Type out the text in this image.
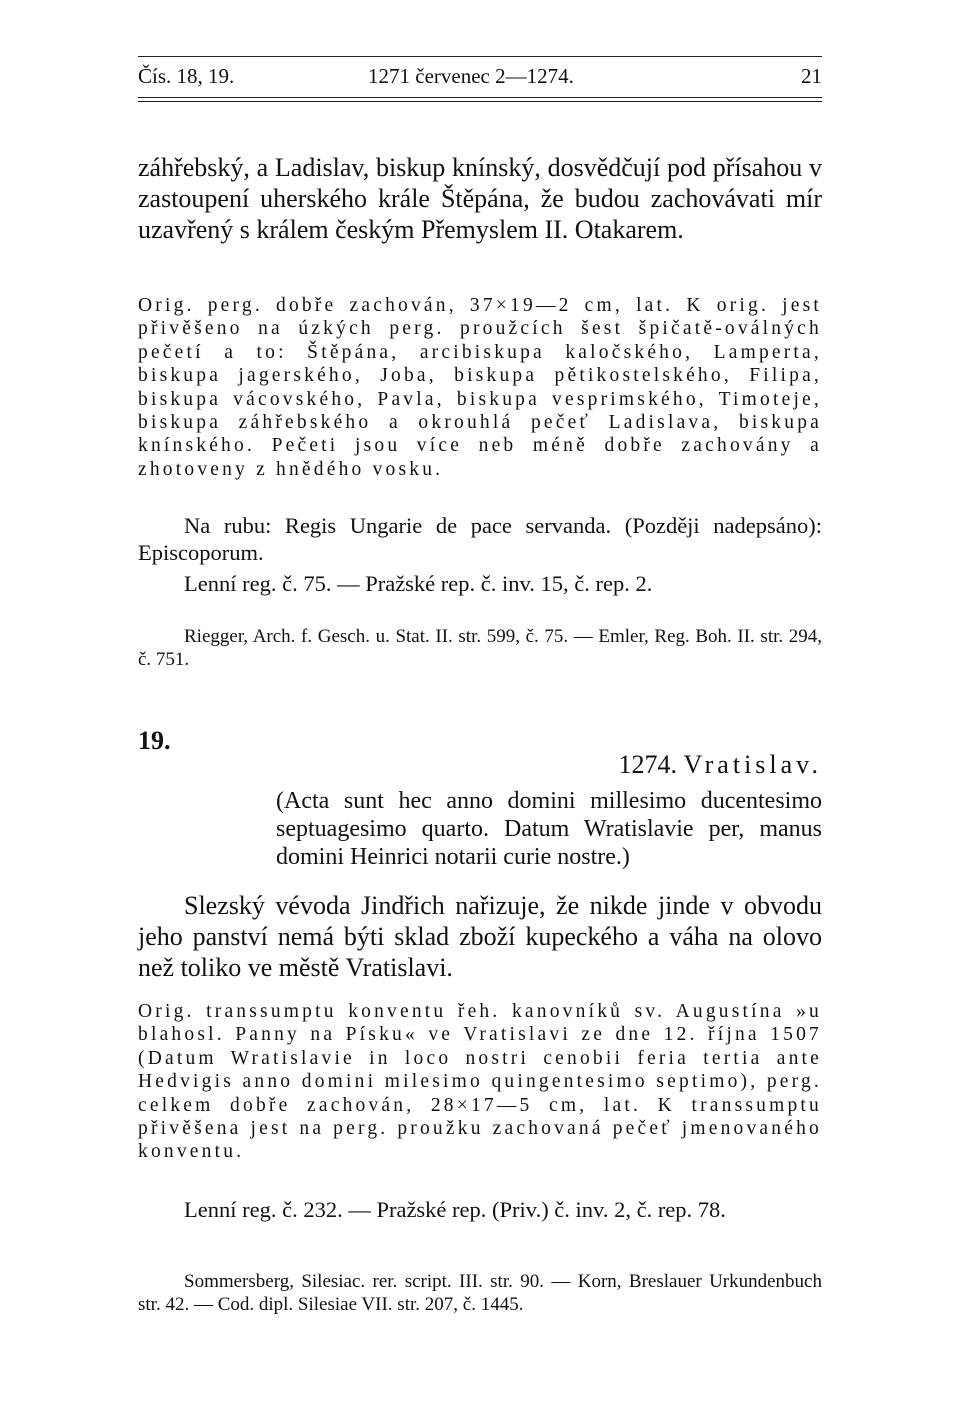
Čís. 18, 19.	1271 červenec 2—1274.	21

záhřebský, a Ladislav, biskup knínský, dosvědčují pod přísahou v zastoupení uherského krále Štěpána, že budou zachovávati mír uzavřený s králem českým Přemyslem II. Otakarem.

Orig. perg. dobře zachován, 37×19—2 cm, lat. K orig. jest přivěšeno na úzkých perg. proužcích šest špičatě-oválných pečetí a to: Štěpána, arcibiskupa kaločského, Lamperta, biskupa jagerského, Joba, biskupa pětikostelského, Filipa, biskupa vácovského, Pavla, biskupa vesprimského, Timoteje, biskupa záhřebského a okrouhlá pečeť Ladislava, biskupa knínského. Pečeti jsou více neb méně dobře zachovány a zhotoveny z hnědého vosku.

Na rubu: Regis Ungarie de pace servanda. (Později nadepsáno): Episcoporum.

Lenní reg. č. 75. — Pražské rep. č. inv. 15, č. rep. 2.

Riegger, Arch. f. Gesch. u. Stat. II. str. 599, č. 75. — Emler, Reg. Boh. II. str. 294, č. 751.

19.

1274. Vratislav.

(Acta sunt hec anno domini millesimo ducentesimo septuagesimo quarto. Datum Wratislavie per, manus domini Heinrici notarii curie nostre.)

Slezský vévoda Jindřich nařizuje, že nikde jinde v obvodu jeho panství nemá býti sklad zboží kupeckého a váha na olovo než toliko ve městě Vratislavi.

Orig. transsumptu konventu řeh. kanovníků sv. Augustína »u blahosl. Panny na Písku« ve Vratislavi ze dne 12. října 1507 (Datum Wratislavie in loco nostri cenobii feria tertia ante Hedvigis anno domini milesimo quingentesimo septimo), perg. celkem dobře zachován, 28×17—5 cm, lat. K transsumptu přivěšena jest na perg. proužku zachovaná pečeť jmenovaného konventu.

Lenní reg. č. 232. — Pražské rep. (Priv.) č. inv. 2, č. rep. 78.

Sommersberg, Silesiac. rer. script. III. str. 90. — Korn, Breslauer Urkundenbuch str. 42. — Cod. dipl. Silesiae VII. str. 207, č. 1445.
